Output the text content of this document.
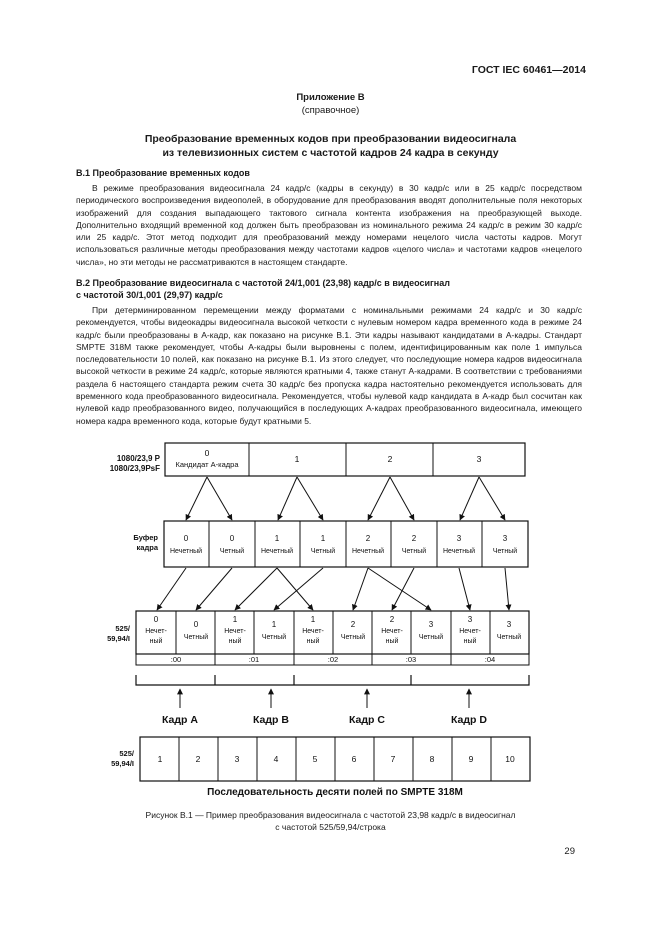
ГОСТ IEC 60461—2014
Приложение В
(справочное)
Преобразование временных кодов при преобразовании видеосигнала
из телевизионных систем с частотой кадров 24 кадра в секунду
В.1 Преобразование временных кодов
В режиме преобразования видеосигнала 24 кадр/с (кадры в секунду) в 30 кадр/с или в 25 кадр/с посредством периодического воспроизведения видеополей, в оборудование для преобразования вводят дополнительные поля некоторых изображений для создания выпадающего тактового сигнала контента изображения на преобразующей выходе. Дополнительно входящий временной код должен быть преобразован из номинального режима 24 кадр/с в режим 30 кадр/с или 25 кадр/с. Этот метод подходит для преобразований между номерами нецелого числа частоты кадров. Могут использоваться различные методы преобразования между частотами кадров «целого числа» и частотами кадров «нецелого числа», но эти методы не рассматриваются в настоящем стандарте.
В.2 Преобразование видеосигнала с частотой 24/1,001 (23,98) кадр/с в видеосигнал
с частотой 30/1,001 (29,97) кадр/с
При детерминированном перемещении между форматами с номинальными режимами 24 кадр/с и 30 кадр/с рекомендуется, чтобы видеокадры видеосигнала высокой четкости с нулевым номером кадра временного кода в режиме 24 кадр/с были преобразованы в А-кадр, как показано на рисунке В.1. Эти кадры называют кандидатами в А-кадры. Стандарт SMPTE 318M также рекомендует, чтобы А-кадры были выровнены с полем, идентифицированным как поле 1 импульса последовательности 10 полей, как показано на рисунке В.1. Из этого следует, что последующие номера кадров видеосигнала высокой четкости в режиме 24 кадр/с, которые являются кратными 4, также станут А-кадрами. В соответствии с требованиями раздела 6 настоящего стандарта режим счета 30 кадр/с без пропуска кадра настоятельно рекомендуется использовать для временного кода преобразованного видеосигнала. Рекомендуется, чтобы нулевой кадр кандидата в А-кадр был сосчитан как нулевой кадр преобразованного видео, получающийся в последующих А-кадрах преобразованного видеосигнала, имеющего номера кадра временного кода, которые будут кратными 5.
1080/23,9 P
1080/23,9PsF
0
Кандидат А-кадра
1	2	3
Буфер
кадра
0
Нечетный
0
Четный
1
Нечетный
1
Четный
2
Нечетный
2
Четный
3
Нечетный
3
Четный
525/
59,94/I
0
Нечет-
ный
0
Четный
1
Нечет-
ный
1
Четный
1
Нечет-
ный
2
Четный
2
Нечет-
ный
3
Четный
3
Нечет-
ный
3
Четный
:00	:01	:02	:03	:04
Кадр А	Кадр В	Кадр С	Кадр D
525/
59,94/I	1	2	3	4	5	6	7	8	9	10
Последовательность десяти полей по SMPTE 318M
Рисунок В.1 — Пример преобразования видеосигнала с частотой 23,98 кадр/с в видеосигнал
с частотой 525/59,94/строка
29
